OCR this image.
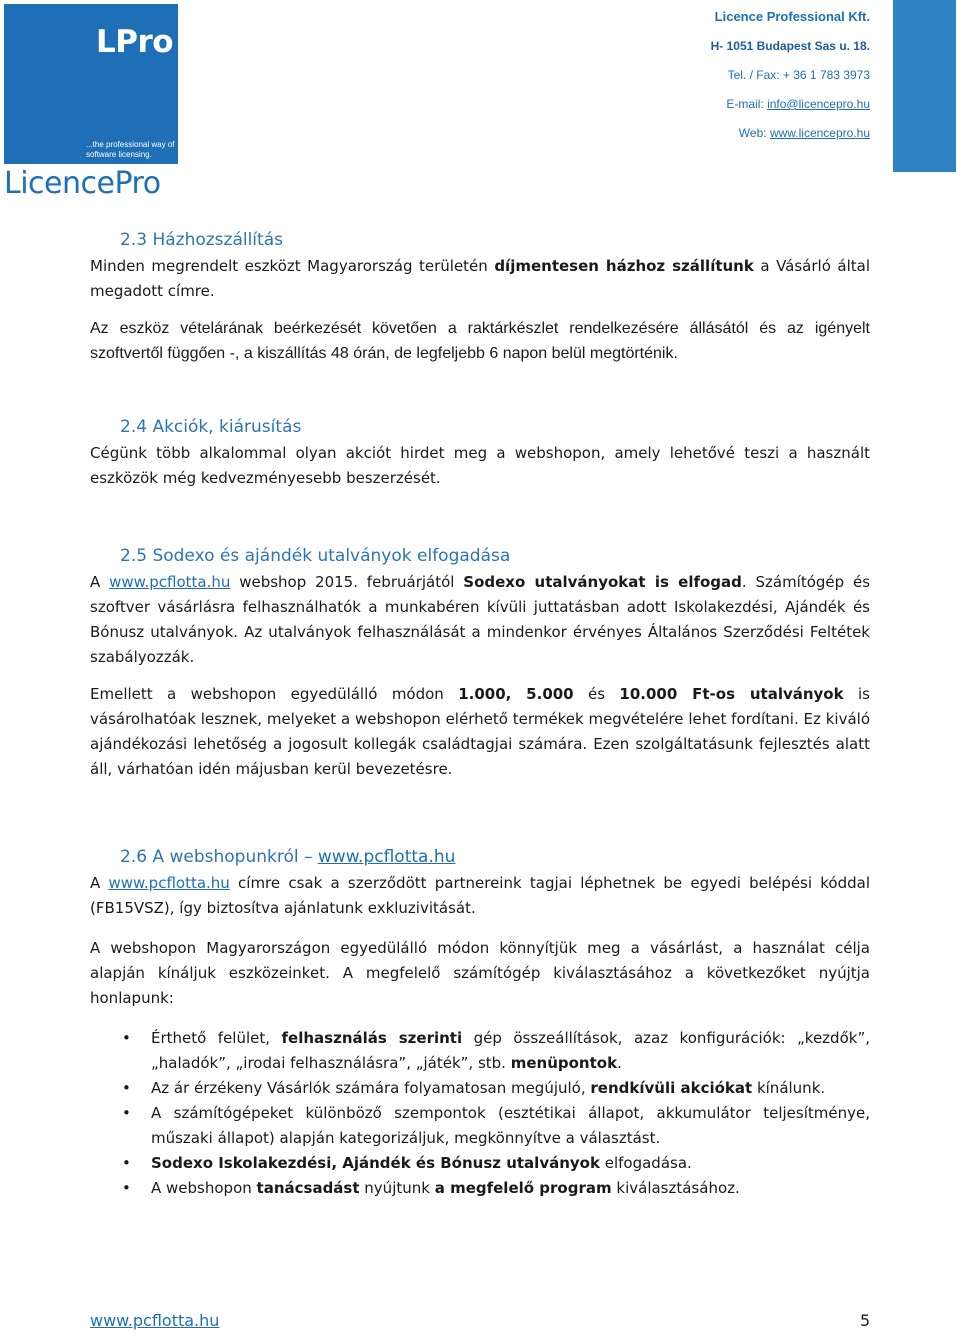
LPro
...the professional way of software licensing.
LicencePro
Licence Professional Kft.
H- 1051 Budapest Sas u. 18.
Tel. / Fax: + 36 1 783 3973
E-mail: info@licencepro.hu
Web: www.licencepro.hu
2.3 Házhozszállítás

Minden megrendelt eszközt Magyarország területén díjmentesen házhoz szállítunk a Vásárló által megadott címre.

Az eszköz vételárának beérkezését követően a raktárkészlet rendelkezésére állásától és az igényelt szoftvertől függően -, a kiszállítás 48 órán, de legfeljebb 6 napon belül megtörténik.

2.4 Akciók, kiárusítás

Cégünk több alkalommal olyan akciót hirdet meg a webshopon, amely lehetővé teszi a használt eszközök még kedvezményesebb beszerzését.

2.5 Sodexo és ajándék utalványok elfogadása

A www.pcflotta.hu webshop 2015. februárjától Sodexo utalványokat is elfogad. Számítógép és szoftver vásárlásra felhasználhatók a munkabéren kívüli juttatásban adott Iskolakezdési, Ajándék és Bónusz utalványok. Az utalványok felhasználását a mindenkor érvényes Általános Szerződési Feltétek szabályozzák.

Emellett a webshopon egyedülálló módon 1.000, 5.000 és 10.000 Ft-os utalványok is vásárolhatóak lesznek, melyeket a webshopon elérhető termékek megvételére lehet fordítani. Ez kiváló ajándékozási lehetőség a jogosult kollegák családtagjai számára. Ezen szolgáltatásunk fejlesztés alatt áll, várhatóan idén májusban kerül bevezetésre.

2.6 A webshopunkról – www.pcflotta.hu

A www.pcflotta.hu címre csak a szerződött partnereink tagjai léphetnek be egyedi belépési kóddal (FB15VSZ), így biztosítva ajánlatunk exkluzivitását.

A webshopon Magyarországon egyedülálló módon könnyítjük meg a vásárlást, a használat célja alapján kínáljuk eszközeinket. A megfelelő számítógép kiválasztásához a következőket nyújtja honlapunk:

• Érthető felület, felhasználás szerinti gép összeállítások, azaz konfigurációk: „kezdők”, „haladók”, „irodai felhasználásra”, „játék”, stb. menüpontok.
• Az ár érzékeny Vásárlók számára folyamatosan megújuló, rendkívüli akciókat kínálunk.
• A számítógépeket különböző szempontok (esztétikai állapot, akkumulátor teljesítménye, műszaki állapot) alapján kategorizáljuk, megkönnyítve a választást.
• Sodexo Iskolakezdési, Ajándék és Bónusz utalványok elfogadása.
• A webshopon tanácsadást nyújtunk a megfelelő program kiválasztásához.
www.pcflotta.hu	5
